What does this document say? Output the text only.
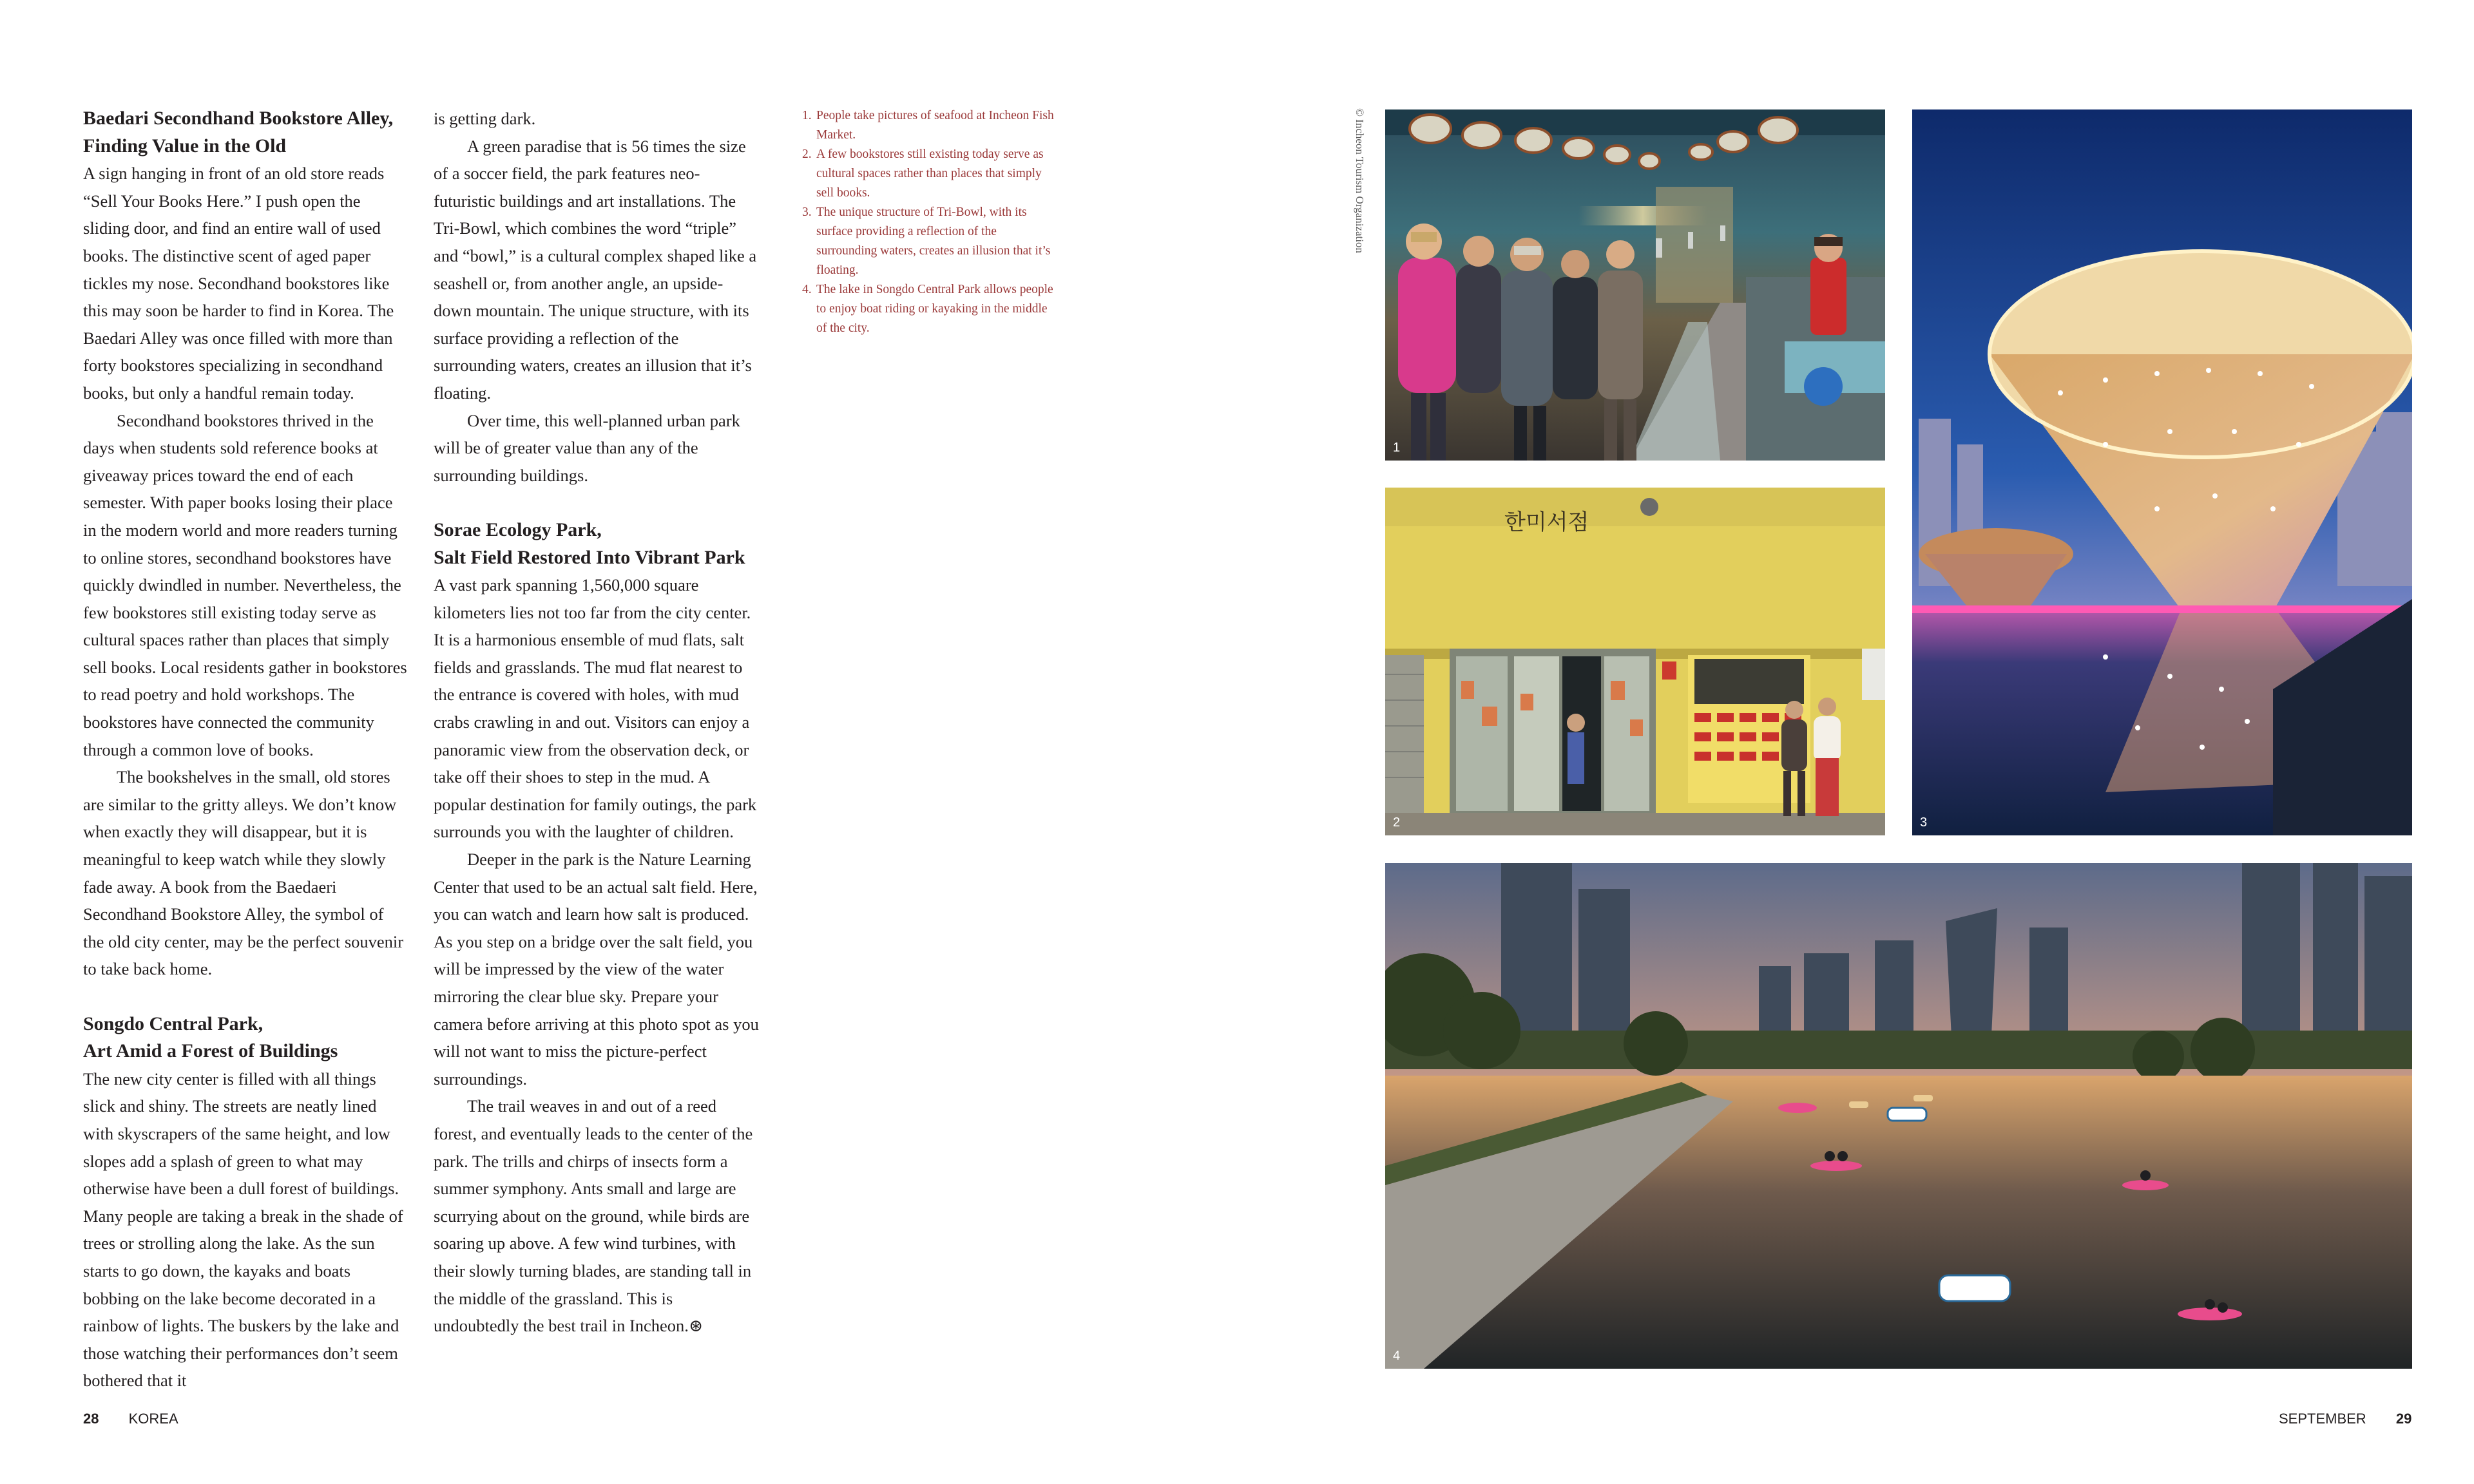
Baedari Secondhand Bookstore Alley,
Finding Value in the Old

A sign hanging in front of an old store reads “Sell Your Books Here.” I push open the sliding door, and find an entire wall of used books. The distinctive scent of aged paper tickles my nose. Secondhand bookstores like this may soon be harder to find in Korea. The Baedari Alley was once filled with more than forty bookstores specializing in secondhand books, but only a handful remain today.

Secondhand bookstores thrived in the days when students sold reference books at giveaway prices toward the end of each semester. With paper books losing their place in the modern world and more readers turning to online stores, secondhand bookstores have quickly dwindled in number. Nevertheless, the few bookstores still existing today serve as cultural spaces rather than places that simply sell books. Local residents gather in bookstores to read poetry and hold workshops. The bookstores have connected the community through a common love of books.

The bookshelves in the small, old stores are similar to the gritty alleys. We don’t know when exactly they will disappear, but it is meaningful to keep watch while they slowly fade away. A book from the Baedaeri Secondhand Bookstore Alley, the symbol of the old city center, may be the perfect souvenir to take back home.

Songdo Central Park,
Art Amid a Forest of Buildings

The new city center is filled with all things slick and shiny. The streets are neatly lined with skyscrapers of the same height, and low slopes add a splash of green to what may otherwise have been a dull forest of buildings. Many people are taking a break in the shade of trees or strolling along the lake. As the sun starts to go down, the kayaks and boats bobbing on the lake become decorated in a rainbow of lights. The buskers by the lake and those watching their performances don’t seem bothered that it

is getting dark.

A green paradise that is 56 times the size of a soccer field, the park features neo-futuristic buildings and art installations. The Tri-Bowl, which combines the word “triple” and “bowl,” is a cultural complex shaped like a seashell or, from another angle, an upside-down mountain. The unique structure, with its surface providing a reflection of the surrounding waters, creates an illusion that it’s floating.

Over time, this well-planned urban park will be of greater value than any of the surrounding buildings.

Sorae Ecology Park,
Salt Field Restored Into Vibrant Park

A vast park spanning 1,560,000 square kilometers lies not too far from the city center. It is a harmonious ensemble of mud flats, salt fields and grasslands. The mud flat nearest to the entrance is covered with holes, with mud crabs crawling in and out. Visitors can enjoy a panoramic view from the observation deck, or take off their shoes to step in the mud. A popular destination for family outings, the park surrounds you with the laughter of children.

Deeper in the park is the Nature Learning Center that used to be an actual salt field. Here, you can watch and learn how salt is produced. As you step on a bridge over the salt field, you will be impressed by the view of the water mirroring the clear blue sky. Prepare your camera before arriving at this photo spot as you will not want to miss the picture-perfect surroundings.

The trail weaves in and out of a reed forest, and eventually leads to the center of the park. The trills and chirps of insects form a summer symphony. Ants small and large are scurrying about on the ground, while birds are soaring up above. A few wind turbines, with their slowly turning blades, are standing tall in the middle of the grassland. This is undoubtedly the best trail in Incheon.⊛

1. People take pictures of seafood at Incheon Fish Market.
2. A few bookstores still existing today serve as cultural spaces rather than places that simply sell books.
3. The unique structure of Tri-Bowl, with its surface providing a reflection of the surrounding waters, creates an illusion that it’s floating.
4. The lake in Songdo Central Park allows people to enjoy boat riding or kayaking in the middle of the city.
28 KOREA
© Incheon Tourism Organization
1
한미서점
2	3
4
SEPTEMBER 29
